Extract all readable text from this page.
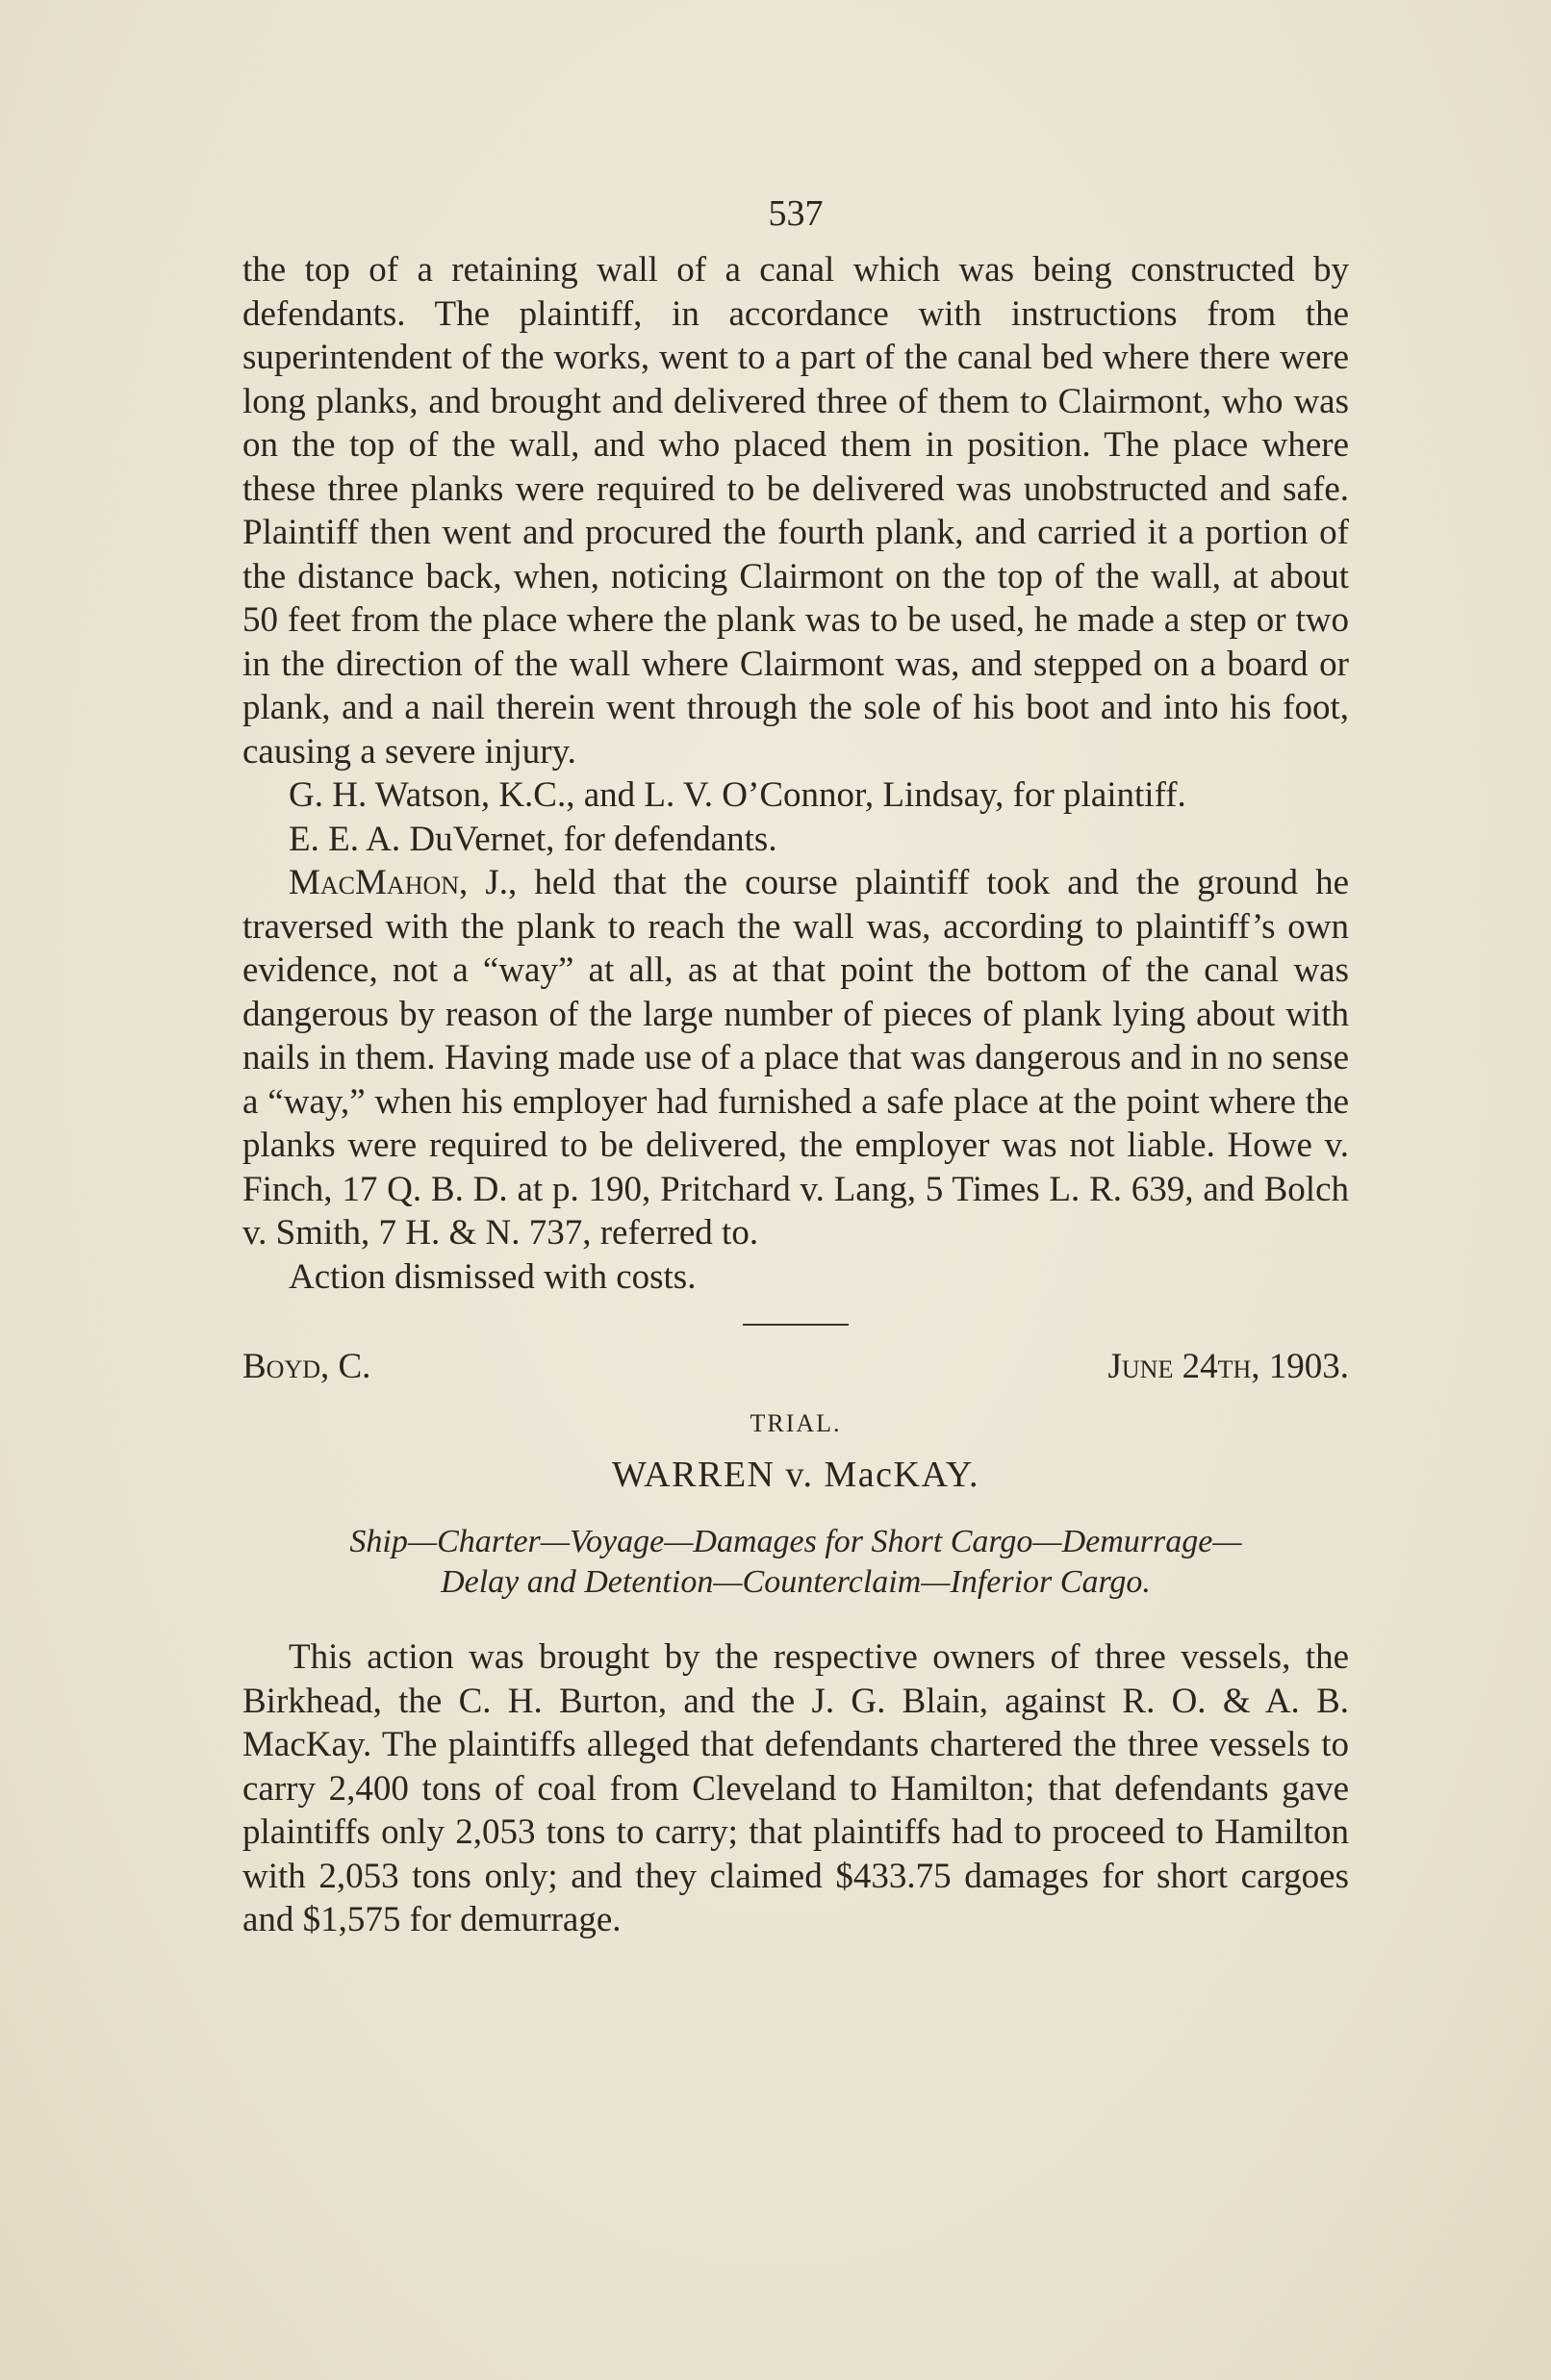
537

the top of a retaining wall of a canal which was being constructed by defendants. The plaintiff, in accordance with instructions from the superintendent of the works, went to a part of the canal bed where there were long planks, and brought and delivered three of them to Clairmont, who was on the top of the wall, and who placed them in position. The place where these three planks were required to be delivered was unobstructed and safe. Plaintiff then went and procured the fourth plank, and carried it a portion of the distance back, when, noticing Clairmont on the top of the wall, at about 50 feet from the place where the plank was to be used, he made a step or two in the direction of the wall where Clairmont was, and stepped on a board or plank, and a nail therein went through the sole of his boot and into his foot, causing a severe injury.

G. H. Watson, K.C., and L. V. O’Connor, Lindsay, for plaintiff.

E. E. A. DuVernet, for defendants.

MacMahon, J., held that the course plaintiff took and the ground he traversed with the plank to reach the wall was, according to plaintiff’s own evidence, not a “way” at all, as at that point the bottom of the canal was dangerous by reason of the large number of pieces of plank lying about with nails in them. Having made use of a place that was dangerous and in no sense a “way,” when his employer had furnished a safe place at the point where the planks were required to be delivered, the employer was not liable. Howe v. Finch, 17 Q. B. D. at p. 190, Pritchard v. Lang, 5 Times L. R. 639, and Bolch v. Smith, 7 H. & N. 737, referred to.

Action dismissed with costs.

Boyd, C.	June 24th, 1903.
TRIAL.
WARREN v. MacKAY.
Ship—Charter—Voyage—Damages for Short Cargo—Demurrage—
Delay and Detention—Counterclaim—Inferior Cargo.

This action was brought by the respective owners of three vessels, the Birkhead, the C. H. Burton, and the J. G. Blain, against R. O. & A. B. MacKay. The plaintiffs alleged that defendants chartered the three vessels to carry 2,400 tons of coal from Cleveland to Hamilton; that defendants gave plaintiffs only 2,053 tons to carry; that plaintiffs had to proceed to Hamilton with 2,053 tons only; and they claimed $433.75 damages for short cargoes and $1,575 for demurrage.
